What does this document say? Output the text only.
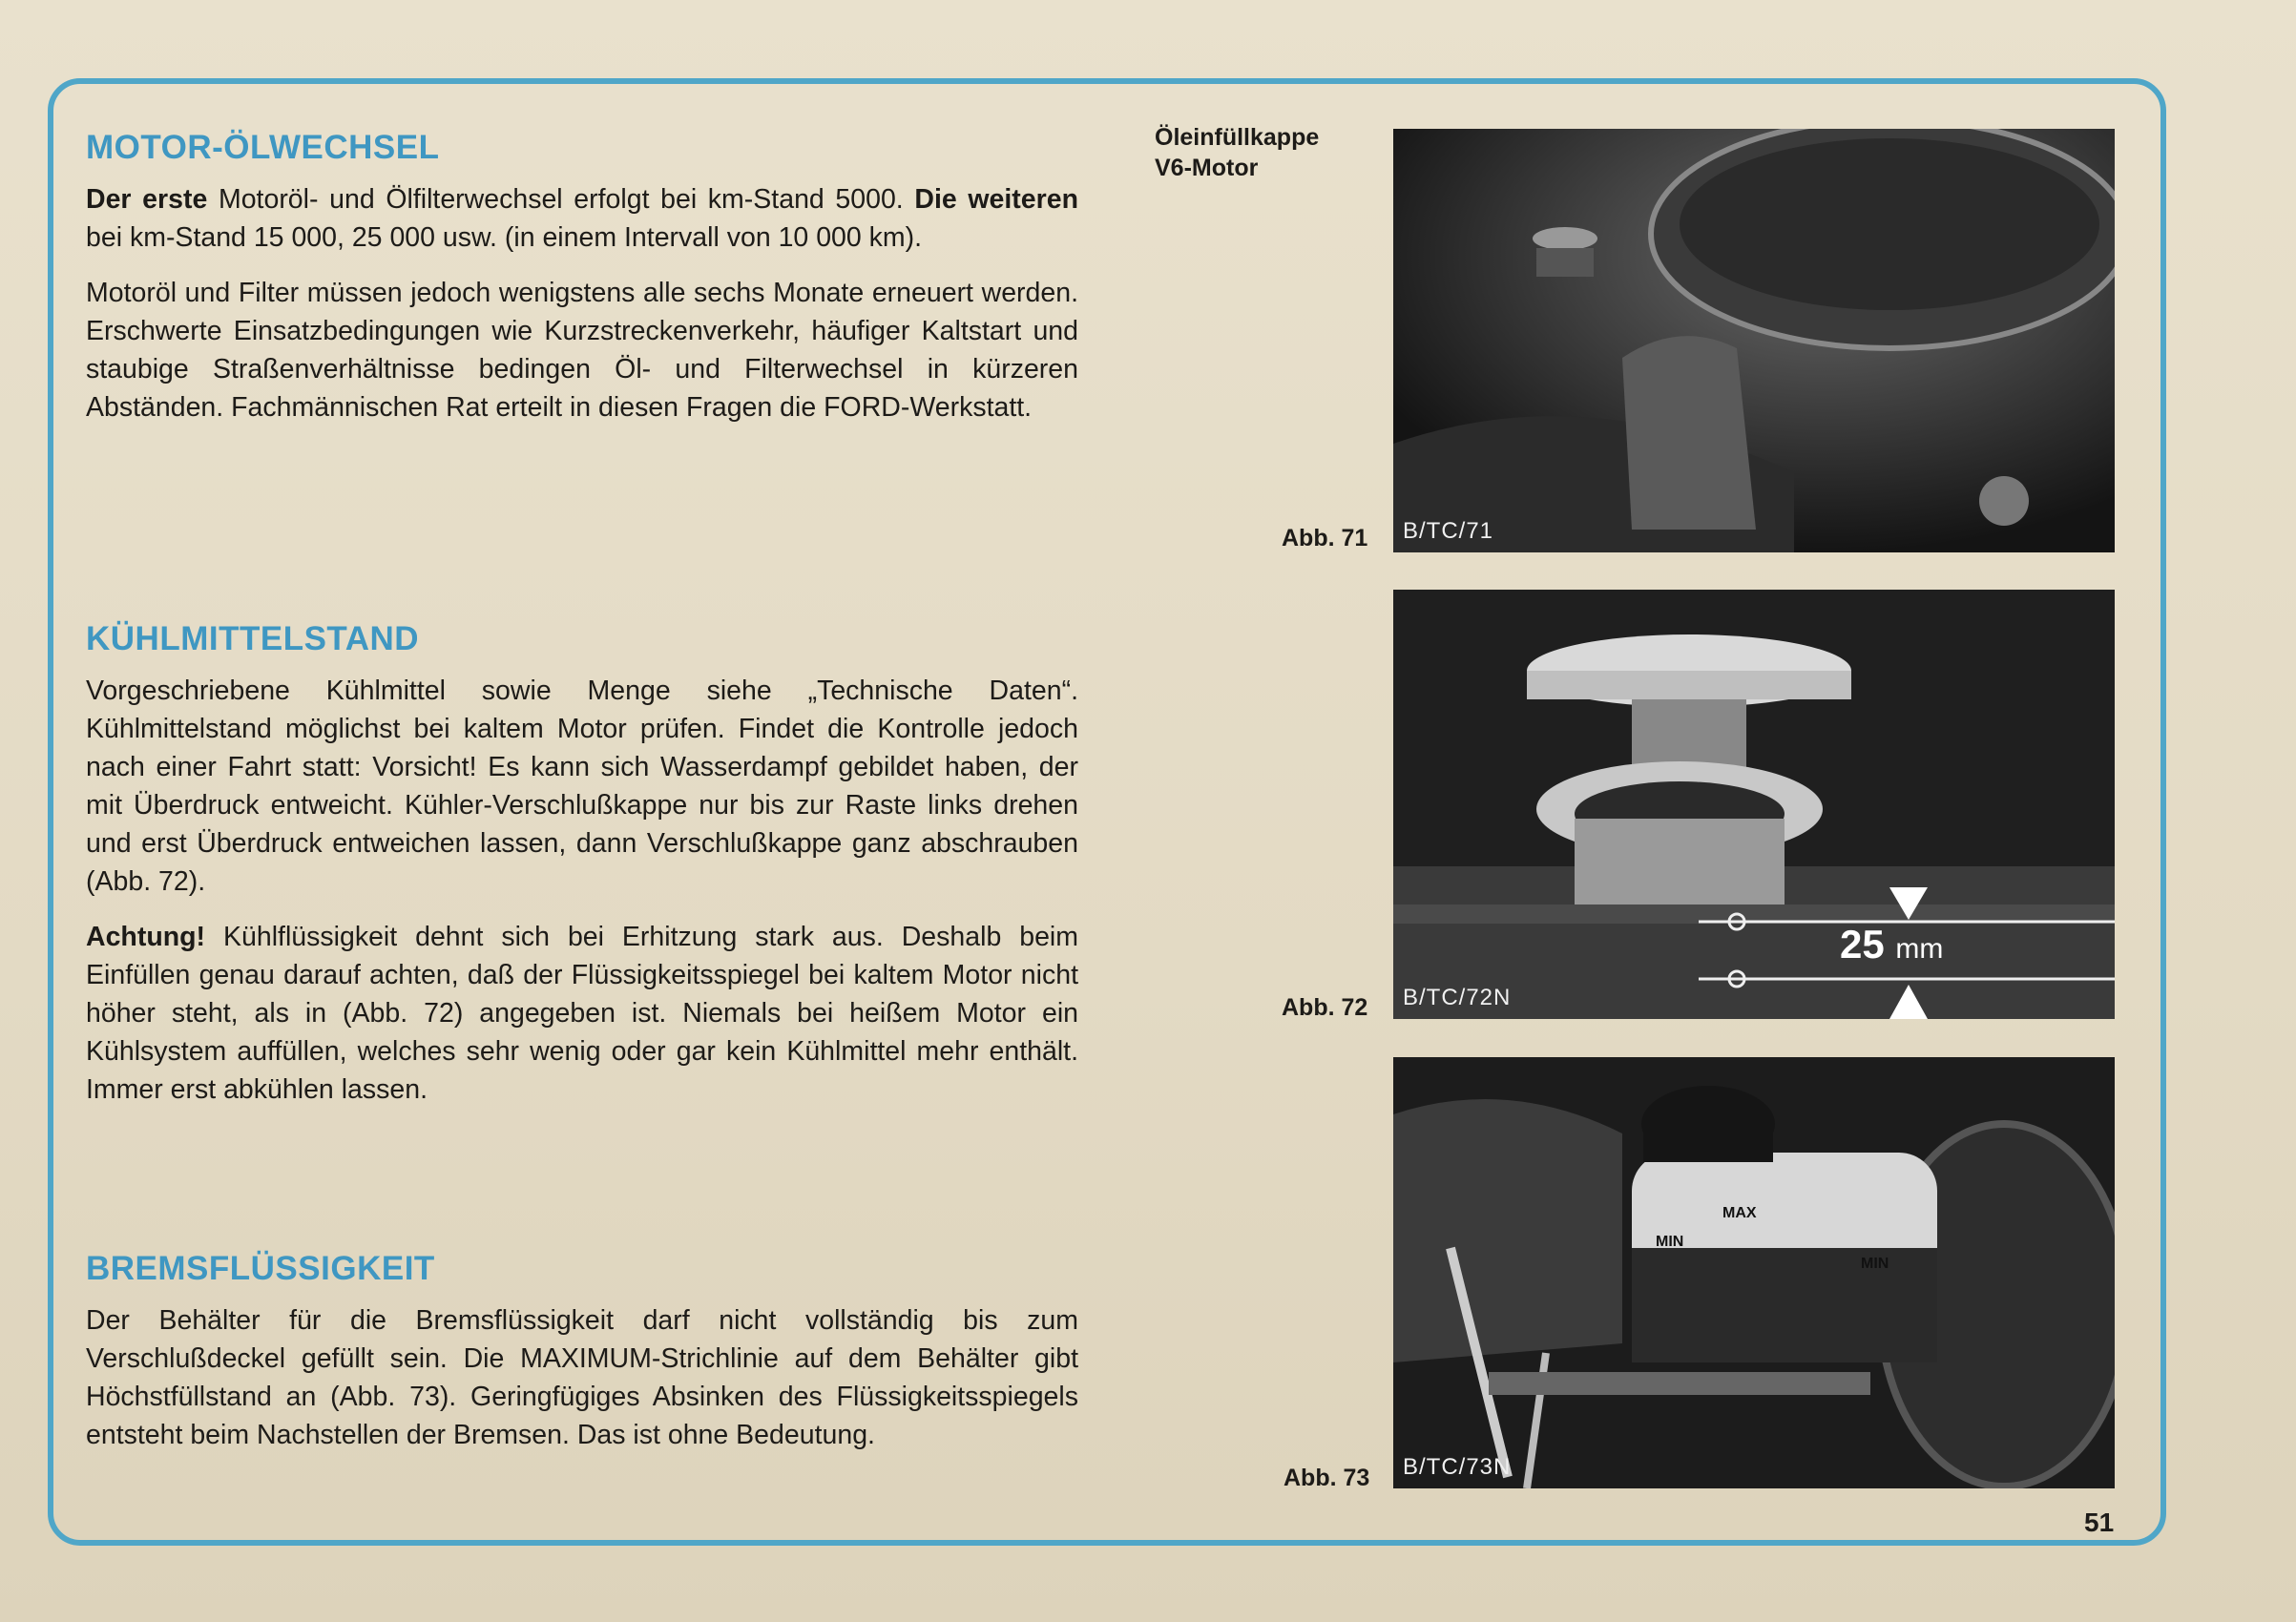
MOTOR-ÖLWECHSEL

Der erste Motoröl- und Ölfilterwechsel erfolgt bei km-Stand 5000. Die weiteren bei km-Stand 15 000, 25 000 usw. (in einem Intervall von 10 000 km).

Motoröl und Filter müssen jedoch wenigstens alle sechs Monate erneuert werden. Erschwerte Einsatzbedingungen wie Kurzstreckenverkehr, häufiger Kaltstart und staubige Straßenverhältnisse bedingen Öl- und Filterwechsel in kürzeren Abständen. Fachmännischen Rat erteilt in diesen Fragen die FORD-Werkstatt.

KÜHLMITTELSTAND

Vorgeschriebene Kühlmittel sowie Menge siehe „Technische Daten“. Kühlmittelstand möglichst bei kaltem Motor prüfen. Findet die Kontrolle jedoch nach einer Fahrt statt: Vorsicht! Es kann sich Wasserdampf gebildet haben, der mit Überdruck entweicht. Kühler-Verschlußkappe nur bis zur Raste links drehen und erst Überdruck entweichen lassen, dann Verschlußkappe ganz abschrauben (Abb. 72).

Achtung! Kühlflüssigkeit dehnt sich bei Erhitzung stark aus. Deshalb beim Einfüllen genau darauf achten, daß der Flüssigkeitsspiegel bei kaltem Motor nicht höher steht, als in (Abb. 72) angegeben ist. Niemals bei heißem Motor ein Kühlsystem auffüllen, welches sehr wenig oder gar kein Kühlmittel mehr enthält. Immer erst abkühlen lassen.

BREMSFLÜSSIGKEIT

Der Behälter für die Bremsflüssigkeit darf nicht vollständig bis zum Verschlußdeckel gefüllt sein. Die MAXIMUM-Strichlinie auf dem Behälter gibt Höchstfüllstand an (Abb. 73). Geringfügiges Absinken des Flüssigkeitsspiegels entsteht beim Nachstellen der Bremsen. Das ist ohne Bedeutung.

Öleinfüllkappe
V6-Motor
B/TC/71
Abb. 71
25 mm
B/TC/72N
Abb. 72
MAX
MIN
MIN
B/TC/73N
Abb. 73
51
